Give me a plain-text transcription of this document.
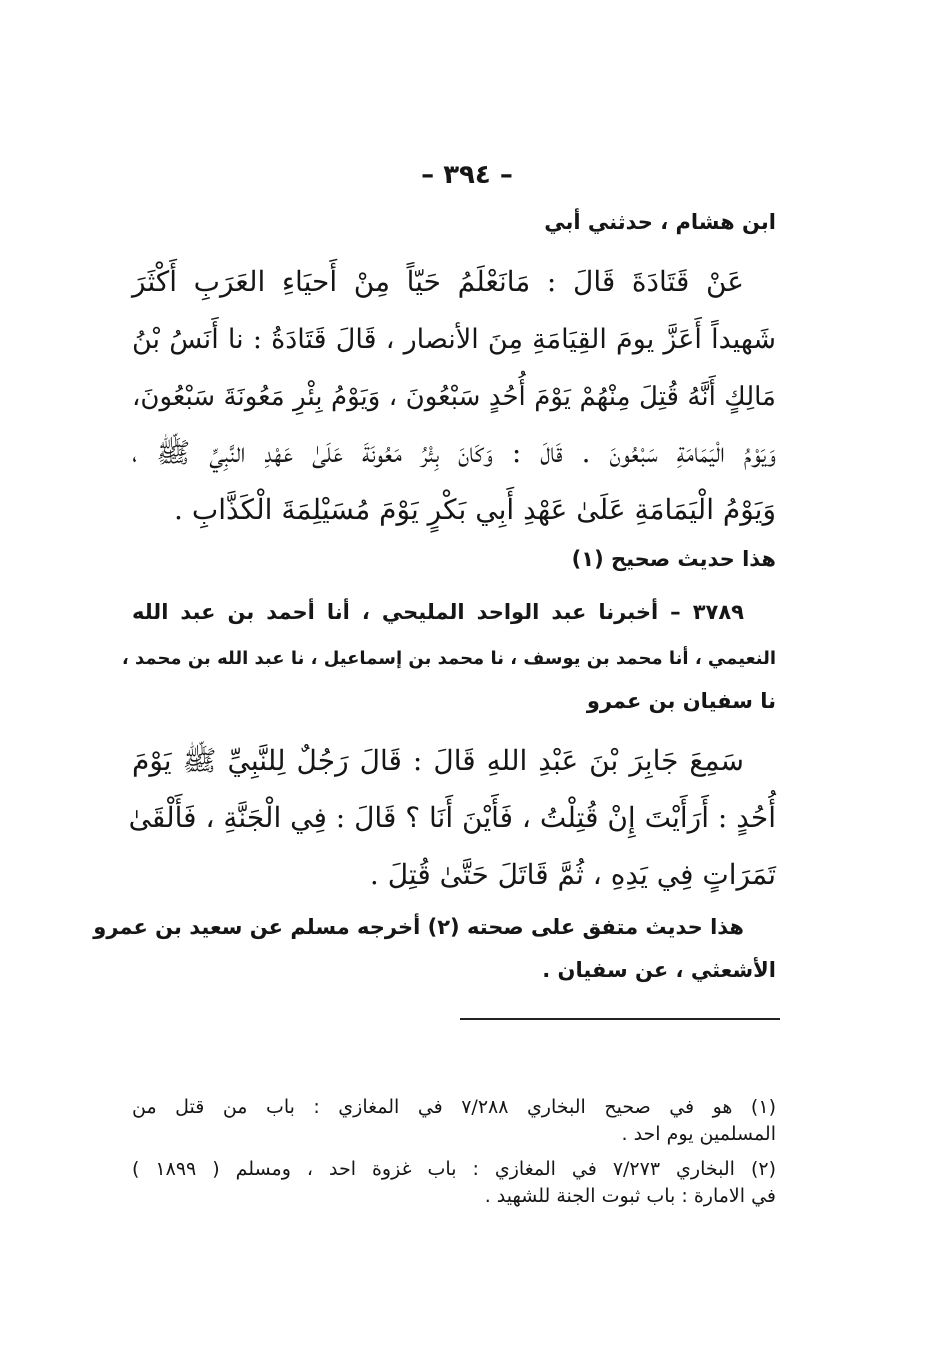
– ٣٩٤ –
ابن هشام ، حدثني أبي
عَنْ قَتَادَةَ قَالَ : مَانَعْلَمُ حَيّاً مِنْ أَحيَاءِ العَرَبِ أَكْثَرَ
شَهيداً أَعَزَّ يومَ القِيَامَةِ مِنَ الأنصار ، قَالَ قَتَادَةُ : نا أَنَسُ بْنُ
مَالِكٍ أَنَّهُ قُتِلَ مِنْهُمْ يَوْمَ أُحُدٍ سَبْعُونَ ، وَيَوْمُ بِئْرِ مَعُونَةَ سَبْعُونَ،
وَيَوْمُ الْيَمَامَةِ سَبْعُونَ . قَالَ : وَكَانَ بِئْرُ مَعُونَةَ عَلَىٰ عَهْدِ النَّبِيِّ ﷺ ،
وَيَوْمُ الْيَمَامَةِ عَلَىٰ عَهْدِ أَبِي بَكْرٍ يَوْمَ مُسَيْلِمَةَ الْكَذَّابِ .
هذا حديث صحيح (١)
٣٧٨٩ – أخبرنا عبد الواحد المليحي ، أنا أحمد بن عبد الله
النعيمي ، أنا محمد بن يوسف ، نا محمد بن إسماعيل ، نا عبد الله بن محمد ،
نا سفيان بن عمرو
سَمِعَ جَابِرَ بْنَ عَبْدِ اللهِ قَالَ : قَالَ رَجُلٌ لِلنَّبِيِّ ﷺ يَوْمَ
أُحُدٍ : أَرَأَيْتَ إِنْ قُتِلْتُ ، فَأَيْنَ أَنَا ؟ قَالَ : فِي الْجَنَّةِ ، فَأَلْقَىٰ
تَمَرَاتٍ فِي يَدِهِ ، ثُمَّ قَاتَلَ حَتَّىٰ قُتِلَ .
هذا حديث متفق على صحته (٢) أخرجه مسلم عن سعيد بن عمرو
الأشعثي ، عن سفيان .
(١) هو في صحيح البخاري ٧/٢٨٨ في المغازي : باب من قتل من
المسلمين يوم احد .
(٢) البخاري ٧/٢٧٣ في المغازي : باب غزوة احد ، ومسلم ( ١٨٩٩ )
في الامارة : باب ثبوت الجنة للشهيد .
